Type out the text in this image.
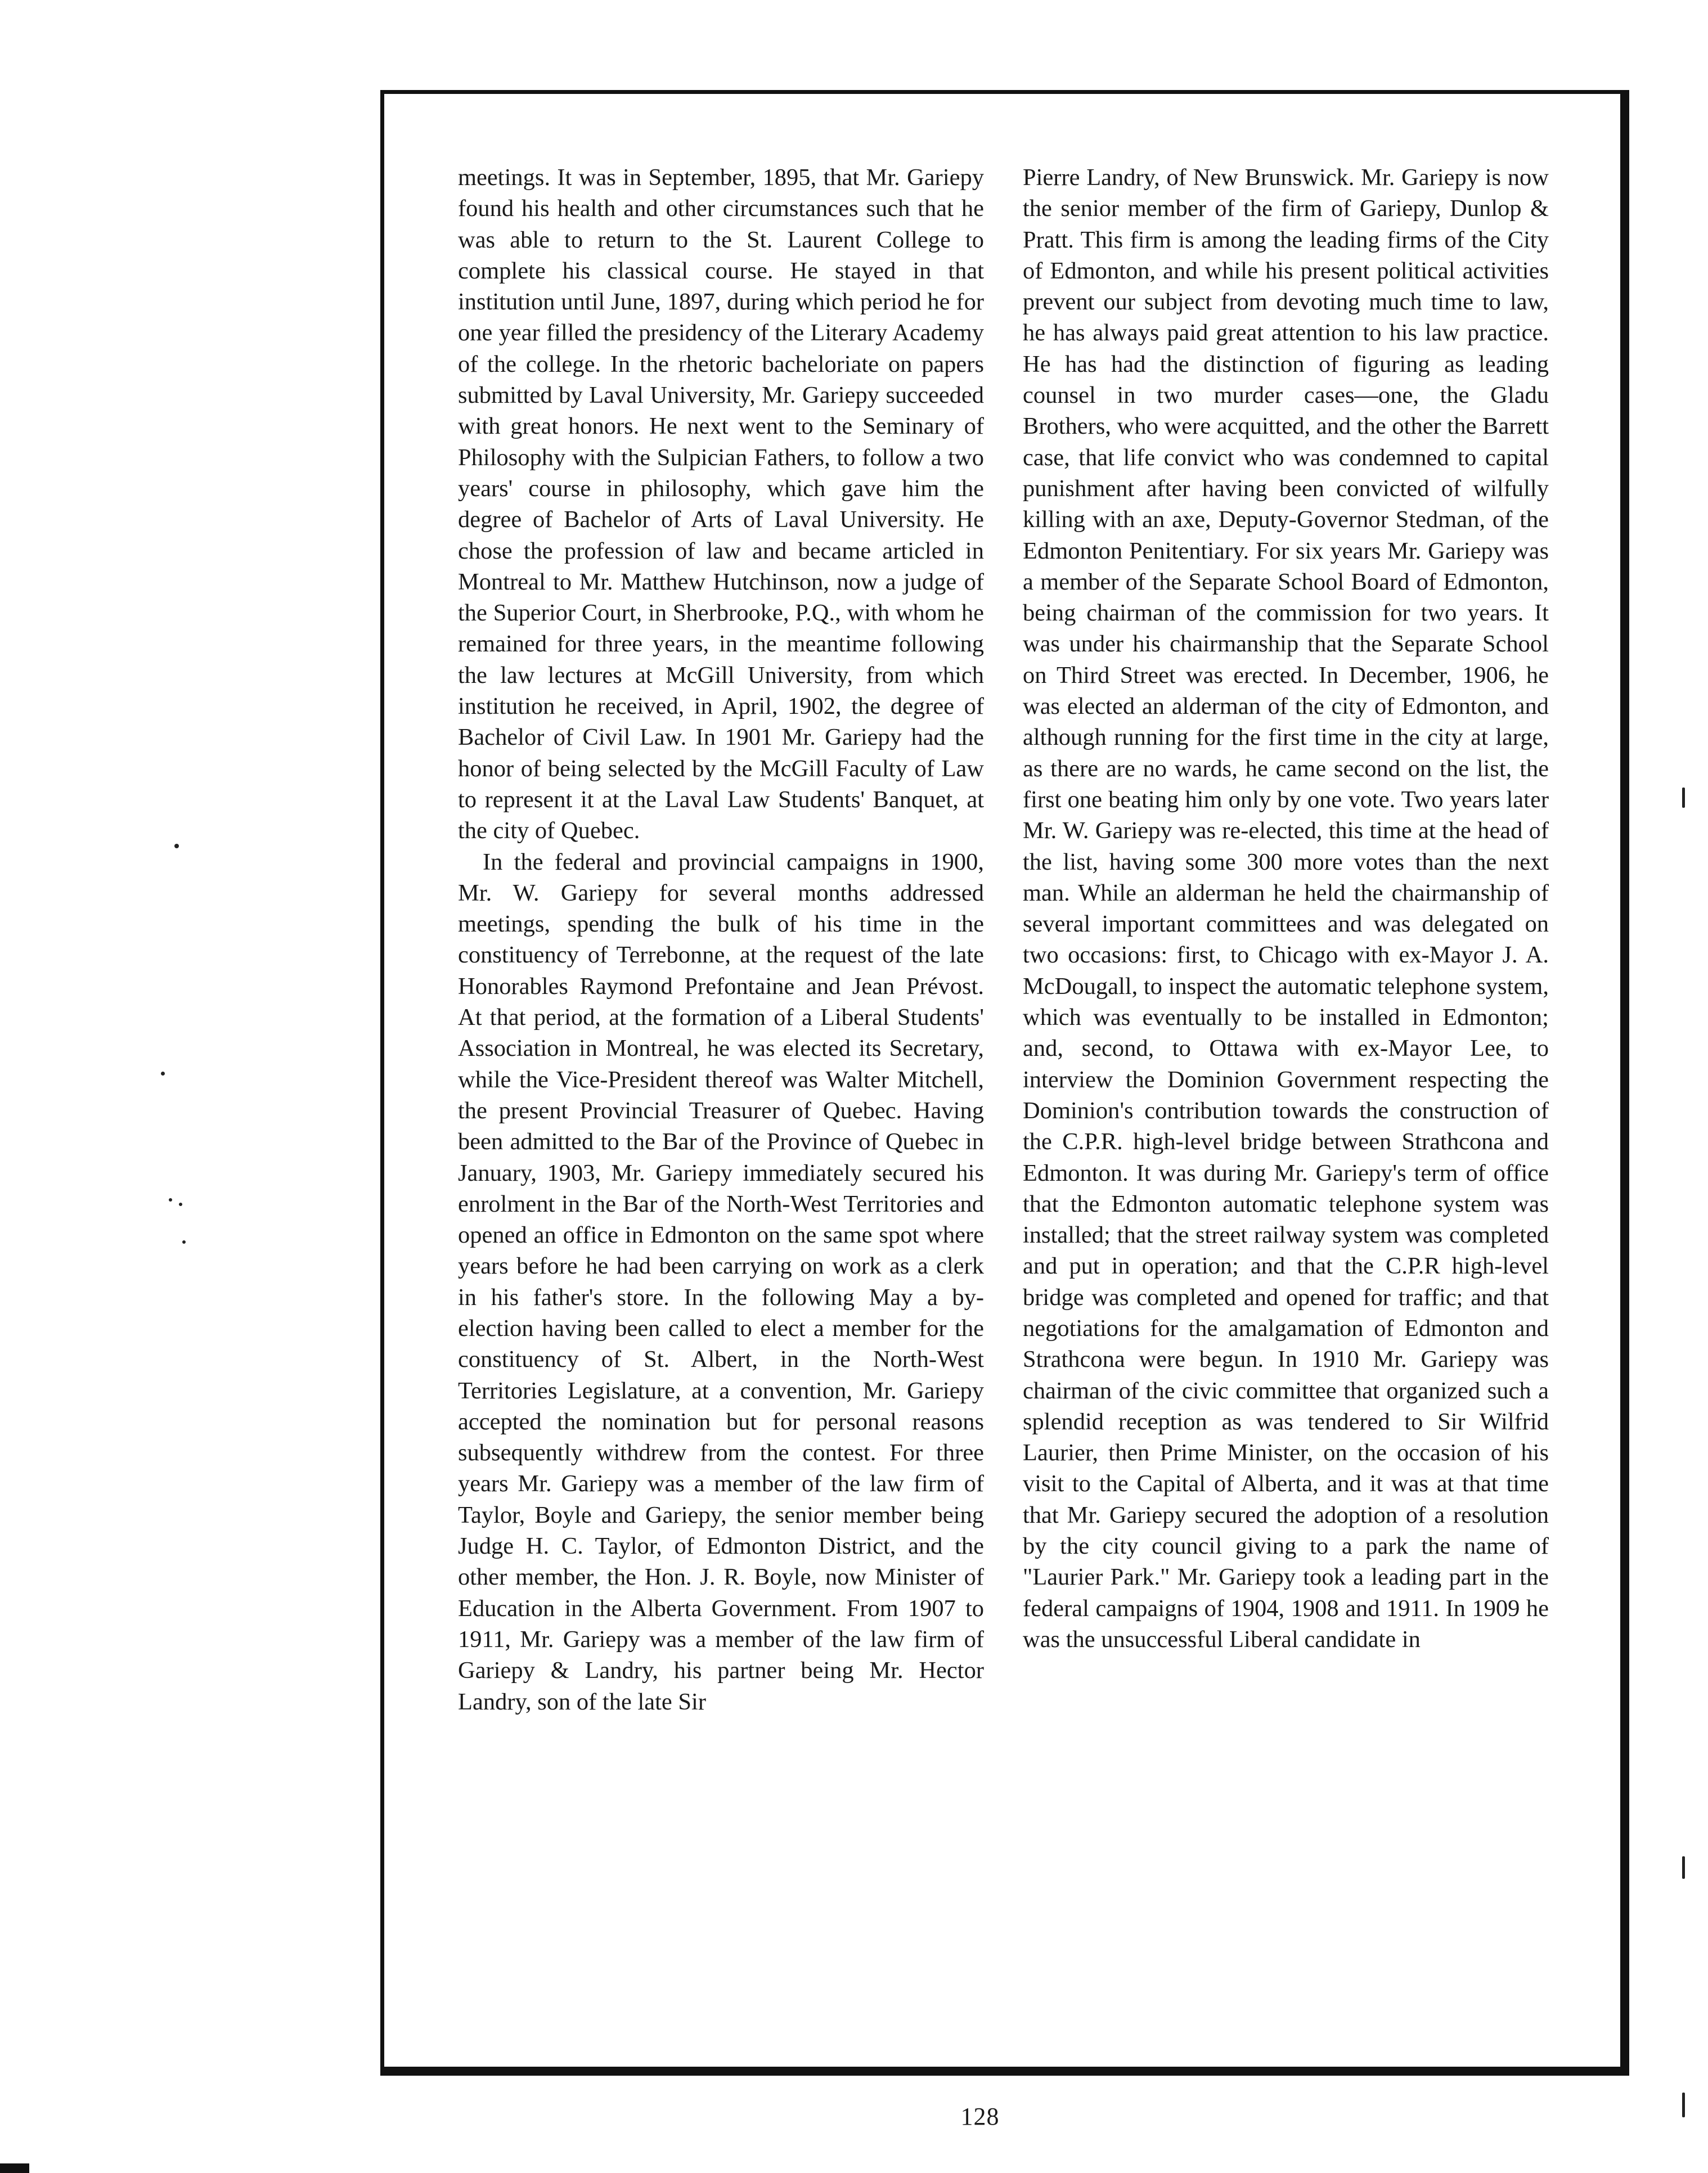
meetings. It was in September, 1895, that Mr. Gariepy found his health and other circumstances such that he was able to return to the St. Laurent College to complete his classical course. He stayed in that institution until June, 1897, during which period he for one year filled the presidency of the Literary Academy of the college. In the rhetoric bacheloriate on papers submitted by Laval University, Mr. Gariepy succeeded with great honors. He next went to the Seminary of Philosophy with the Sulpician Fathers, to follow a two years' course in philosophy, which gave him the degree of Bachelor of Arts of Laval University. He chose the profession of law and became articled in Montreal to Mr. Matthew Hutchinson, now a judge of the Superior Court, in Sherbrooke, P.Q., with whom he remained for three years, in the meantime following the law lectures at McGill University, from which institution he received, in April, 1902, the degree of Bachelor of Civil Law. In 1901 Mr. Gariepy had the honor of being selected by the McGill Faculty of Law to represent it at the Laval Law Students' Banquet, at the city of Quebec.

In the federal and provincial campaigns in 1900, Mr. W. Gariepy for several months addressed meetings, spending the bulk of his time in the constituency of Terrebonne, at the request of the late Honorables Raymond Prefontaine and Jean Prévost. At that period, at the formation of a Liberal Students' Association in Montreal, he was elected its Secretary, while the Vice-President thereof was Walter Mitchell, the present Provincial Treasurer of Quebec. Having been admitted to the Bar of the Province of Quebec in January, 1903, Mr. Gariepy immediately secured his enrolment in the Bar of the North-West Territories and opened an office in Edmonton on the same spot where years before he had been carrying on work as a clerk in his father's store. In the following May a by-election having been called to elect a member for the constituency of St. Albert, in the North-West Territories Legislature, at a convention, Mr. Gariepy accepted the nomination but for personal reasons subsequently withdrew from the contest. For three years Mr. Gariepy was a member of the law firm of Taylor, Boyle and Gariepy, the senior member being Judge H. C. Taylor, of Edmonton District, and the other member, the Hon. J. R. Boyle, now Minister of Education in the Alberta Government. From 1907 to 1911, Mr. Gariepy was a member of the law firm of Gariepy & Landry, his partner being Mr. Hector Landry, son of the late Sir

Pierre Landry, of New Brunswick. Mr. Gariepy is now the senior member of the firm of Gariepy, Dunlop & Pratt. This firm is among the leading firms of the City of Edmonton, and while his present political activities prevent our subject from devoting much time to law, he has always paid great attention to his law practice. He has had the distinction of figuring as leading counsel in two murder cases—one, the Gladu Brothers, who were acquitted, and the other the Barrett case, that life convict who was condemned to capital punishment after having been convicted of wilfully killing with an axe, Deputy-Governor Stedman, of the Edmonton Penitentiary. For six years Mr. Gariepy was a member of the Separate School Board of Edmonton, being chairman of the commission for two years. It was under his chairmanship that the Separate School on Third Street was erected. In December, 1906, he was elected an alderman of the city of Edmonton, and although running for the first time in the city at large, as there are no wards, he came second on the list, the first one beating him only by one vote. Two years later Mr. W. Gariepy was re-elected, this time at the head of the list, having some 300 more votes than the next man. While an alderman he held the chairmanship of several important committees and was delegated on two occasions: first, to Chicago with ex-Mayor J. A. McDougall, to inspect the automatic telephone system, which was eventually to be installed in Edmonton; and, second, to Ottawa with ex-Mayor Lee, to interview the Dominion Government respecting the Dominion's contribution towards the construction of the C.P.R. high-level bridge between Strathcona and Edmonton. It was during Mr. Gariepy's term of office that the Edmonton automatic telephone system was installed; that the street railway system was completed and put in operation; and that the C.P.R high-level bridge was completed and opened for traffic; and that negotiations for the amalgamation of Edmonton and Strathcona were begun. In 1910 Mr. Gariepy was chairman of the civic committee that organized such a splendid reception as was tendered to Sir Wilfrid Laurier, then Prime Minister, on the occasion of his visit to the Capital of Alberta, and it was at that time that Mr. Gariepy secured the adoption of a resolution by the city council giving to a park the name of "Laurier Park." Mr. Gariepy took a leading part in the federal campaigns of 1904, 1908 and 1911. In 1909 he was the unsuccessful Liberal candidate in

128
